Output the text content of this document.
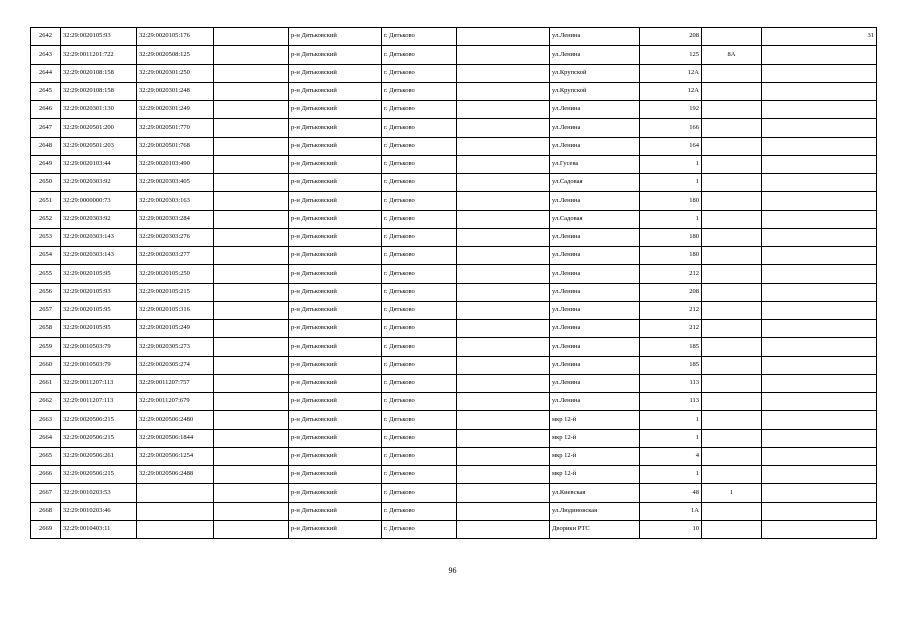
2642	32:29:0020105:93	32:29:0020105:176		р-н Дятьковский	г. Дятьково		ул.Ленина	208		31
2643	32:29:0011201:722	32:29:0020508:125		р-н Дятьковский	г. Дятьково		ул.Ленина	125	8А	
2644	32:29:0020108:158	32:29:0020301:250		р-н Дятьковский	г. Дятьково		ул.Крупской	12А		
2645	32:29:0020108:158	32:29:0020301:248		р-н Дятьковский	г. Дятьково		ул.Крупской	12А		
2646	32:29:0020301:130	32:29:0020301:249		р-н Дятьковский	г. Дятьково		ул.Ленина	192		
2647	32:29:0020501:200	32:29:0020501:770		р-н Дятьковский	г. Дятьково		ул.Ленина	166		
2648	32:29:0020501:203	32:29:0020501:768		р-н Дятьковский	г. Дятьково		ул.Ленина	164		
2649	32:29:0020103:44	32:29:0020103:490		р-н Дятьковский	г. Дятьково		ул.Гусева	1		
2650	32:29:0020303:92	32:29:0020303:405		р-н Дятьковский	г. Дятьково		ул.Садовая	1		
2651	32:29:0000000:73	32:29:0020303:163		р-н Дятьковский	г. Дятьково		ул.Ленина	180		
2652	32:29:0020303:92	32:29:0020303:284		р-н Дятьковский	г. Дятьково		ул.Садовая	1		
2653	32:29:0020303:143	32:29:0020303:276		р-н Дятьковский	г. Дятьково		ул.Ленина	180		
2654	32:29:0020303:143	32:29:0020303:277		р-н Дятьковский	г. Дятьково		ул.Ленина	180		
2655	32:29:0020105:95	32:29:0020105:250		р-н Дятьковский	г. Дятьково		ул.Ленина	212		
2656	32:29:0020105:93	32:29:0020105:215		р-н Дятьковский	г. Дятьково		ул.Ленина	208		
2657	32:29:0020105:95	32:29:0020105:316		р-н Дятьковский	г. Дятьково		ул.Ленина	212		
2658	32:29:0020105:95	32:29:0020105:249		р-н Дятьковский	г. Дятьково		ул.Ленина	212		
2659	32:29:0010503:79	32:29:0020305:273		р-н Дятьковский	г. Дятьково		ул.Ленина	185		
2660	32:29:0010503:79	32:29:0020305:274		р-н Дятьковский	г. Дятьково		ул.Ленина	185		
2661	32:29:0011207:113	32:29:0011207:757		р-н Дятьковский	г. Дятьково		ул.Ленина	113		
2662	32:29:0011207:113	32:29:0011207:679		р-н Дятьковский	г. Дятьково		ул.Ленина	113		
2663	32:29:0020506:215	32:29:0020506:2480		р-н Дятьковский	г. Дятьково		мкр 12-й	1		
2664	32:29:0020506:215	32:29:0020506:1844		р-н Дятьковский	г. Дятьково		мкр 12-й	1		
2665	32:29:0020506:261	32:29:0020506:1254		р-н Дятьковский	г. Дятьково		мкр 12-й	4		
2666	32:29:0020506:215	32:29:0020506:2488		р-н Дятьковский	г. Дятьково		мкр 12-й	1		
2667	32:29:0010203:53			р-н Дятьковский	г. Дятьково		ул.Киевская	48	1	
2668	32:29:0010203:46			р-н Дятьковский	г. Дятьково		ул.Людиновская	1А		
2669	32:29:0010403:11			р-н Дятьковский	г. Дятьково		Дворики РТС	10		
96
